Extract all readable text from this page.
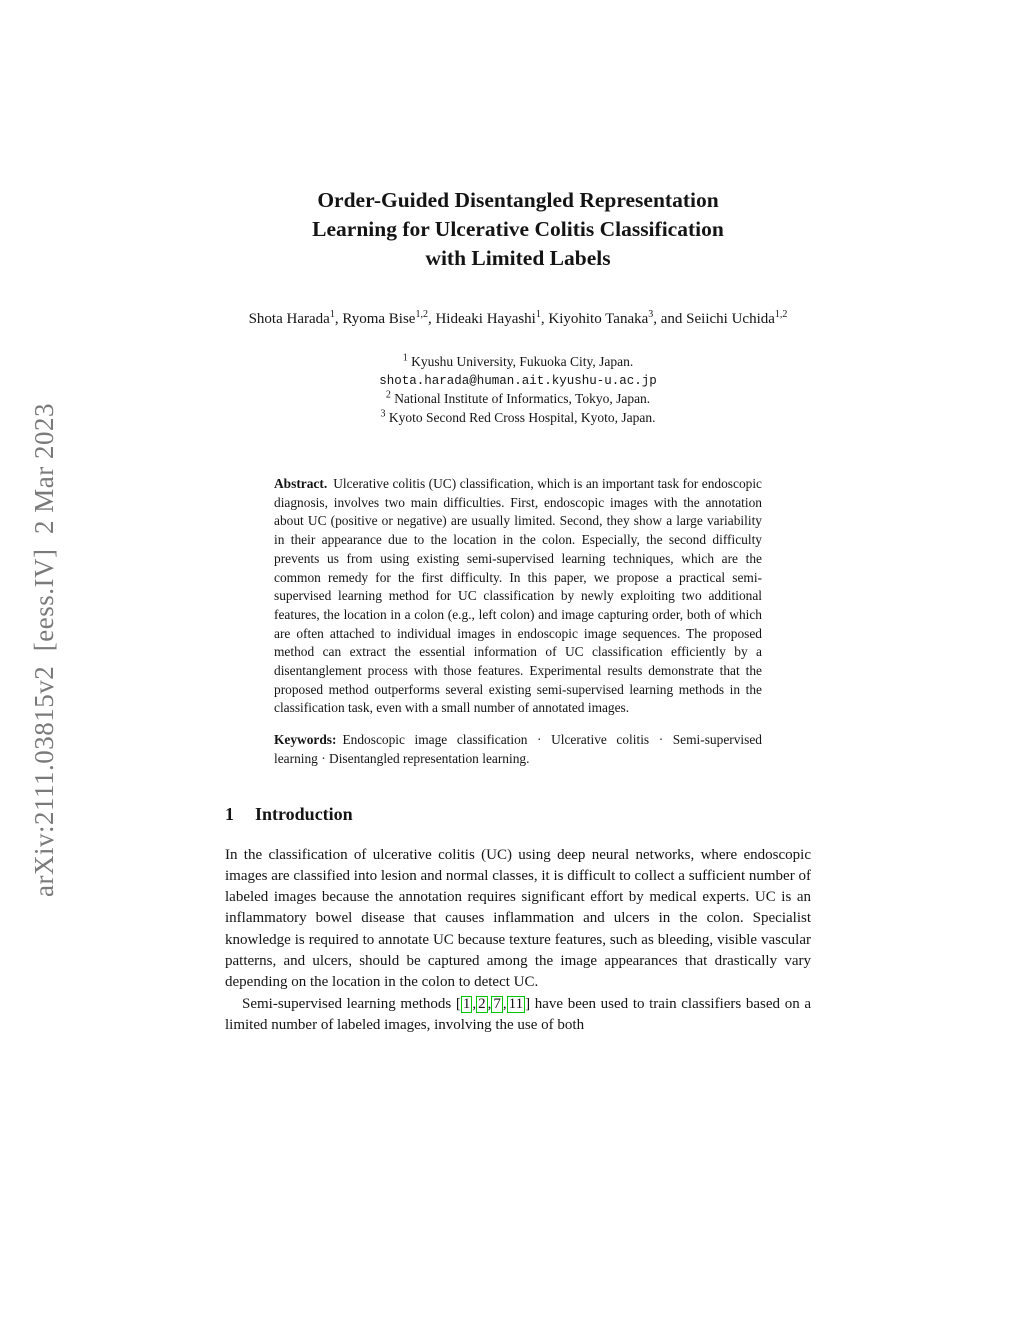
arXiv:2111.03815v2  [eess.IV]  2 Mar 2023
Order-Guided Disentangled Representation
Learning for Ulcerative Colitis Classification
with Limited Labels
Shota Harada$^1$, Ryoma Bise$^{1,2}$, Hideaki Hayashi$^1$, Kiyohito Tanaka$^3$, and Seiichi Uchida$^{1,2}$
$^1$ Kyushu University, Fukuoka City, Japan.
shota.harada@human.ait.kyushu-u.ac.jp
$^2$ National Institute of Informatics, Tokyo, Japan.
$^3$ Kyoto Second Red Cross Hospital, Kyoto, Japan.
Abstract. Ulcerative colitis (UC) classification, which is an important task for endoscopic diagnosis, involves two main difficulties. First, endoscopic images with the annotation about UC (positive or negative) are usually limited. Second, they show a large variability in their appearance due to the location in the colon. Especially, the second difficulty prevents us from using existing semi-supervised learning techniques, which are the common remedy for the first difficulty. In this paper, we propose a practical semi-supervised learning method for UC classification by newly exploiting two additional features, the location in a colon (e.g., left colon) and image capturing order, both of which are often attached to individual images in endoscopic image sequences. The proposed method can extract the essential information of UC classification efficiently by a disentanglement process with those features. Experimental results demonstrate that the proposed method outperforms several existing semi-supervised learning methods in the classification task, even with a small number of annotated images.
Keywords: Endoscopic image classification · Ulcerative colitis · Semi-supervised learning · Disentangled representation learning.
1 Introduction

In the classification of ulcerative colitis (UC) using deep neural networks, where endoscopic images are classified into lesion and normal classes, it is difficult to collect a sufficient number of labeled images because the annotation requires significant effort by medical experts. UC is an inflammatory bowel disease that causes inflammation and ulcers in the colon. Specialist knowledge is required to annotate UC because texture features, such as bleeding, visible vascular patterns, and ulcers, should be captured among the image appearances that drastically vary depending on the location in the colon to detect UC.

Semi-supervised learning methods [ 1 , 2 , 7 , 11 ] have been used to train classifiers based on a limited number of labeled images, involving the use of both
